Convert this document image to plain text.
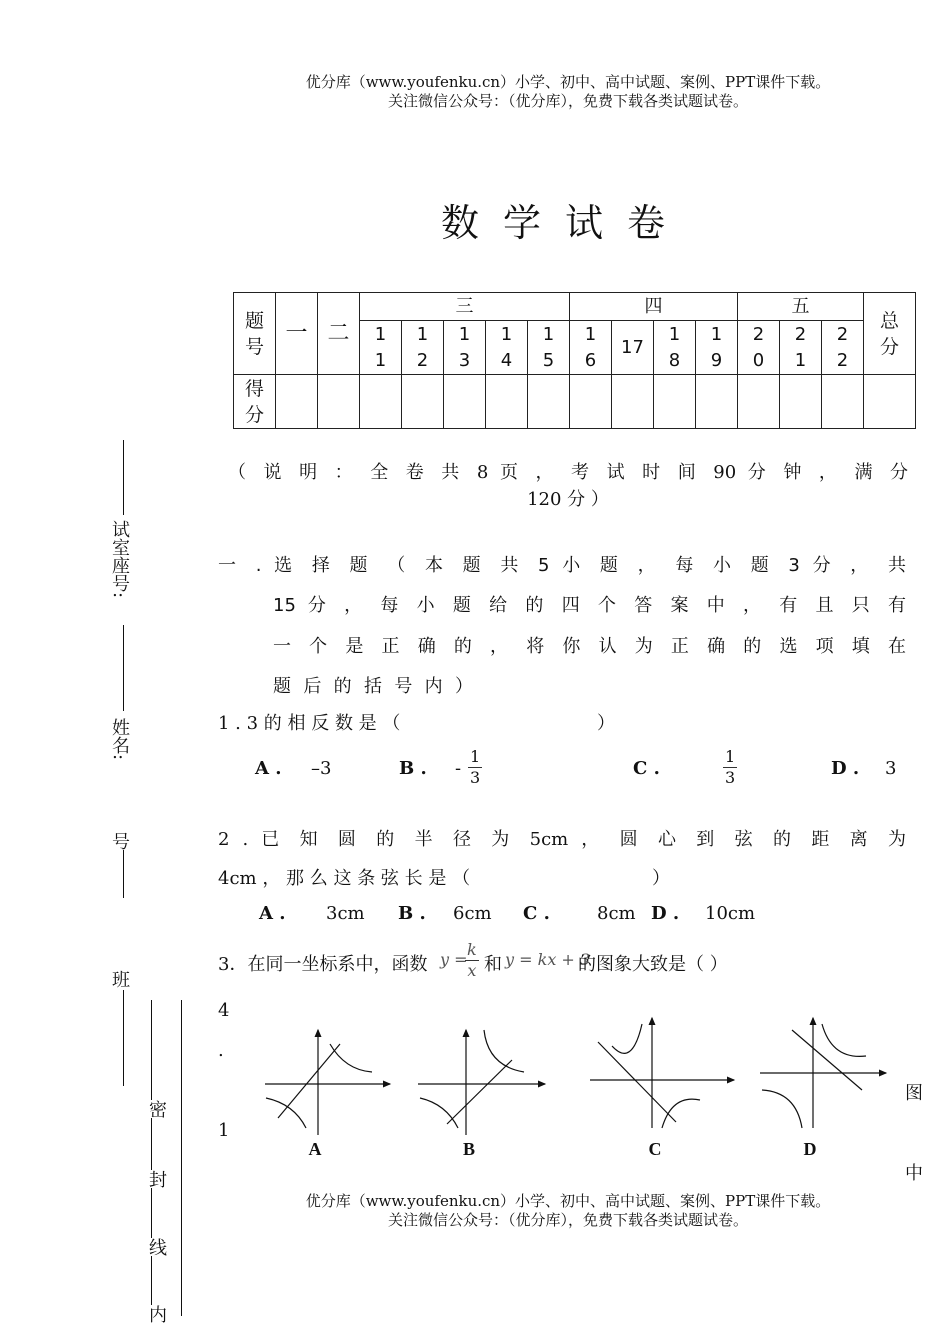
优分库（www.youfenku.cn）小学、初中、高中试题、案例、PPT课件下载。
关注微信公众号：（优分库），免费下载各类试题试卷。
数学试卷
题号	一	二	三					四				五			总分
			11	12	13	14	15	16	17	18	19	20	21	22	
得分															
（ 说 明 ： 全 卷 共 8 页 ， 考 试 时 间 90 分 钟 ， 满 分
120 分 ）
试室座号:
姓名:
号
班
密
封
线
内
一 . 选 择 题 （ 本 题 共 5 小 题 ， 每 小 题 3 分 ， 共
15 分 ， 每 小 题 给 的 四 个 答 案 中 ， 有 且 只 有
一 个 是 正 确 的 ， 将 你 认 为 正 确 的 选 项 填 在
题 后 的 括 号 内 ）
1 . 3 的 相 反 数 是 （	）
A . –3	B . - $\frac{1}{3}$	C .	$\frac{1}{3}$	D . 3
2 . 已 知 圆 的 半 径 为 5cm ， 圆 心 到 弦 的 距 离 为
4cm ， 那 么 这 条 弦 长 是 （	）
A . 3cm B . 6cm C .	8cm D . 10cm
3．在同一坐标系中，函数 y =
$\frac{k}{x}$ 和 y = kx + 3
的图象大致是（ ）
4
.
1
图
中
A	B	C	D
优分库（www.youfenku.cn）小学、初中、高中试题、案例、PPT课件下载。
关注微信公众号：（优分库），免费下载各类试题试卷。
